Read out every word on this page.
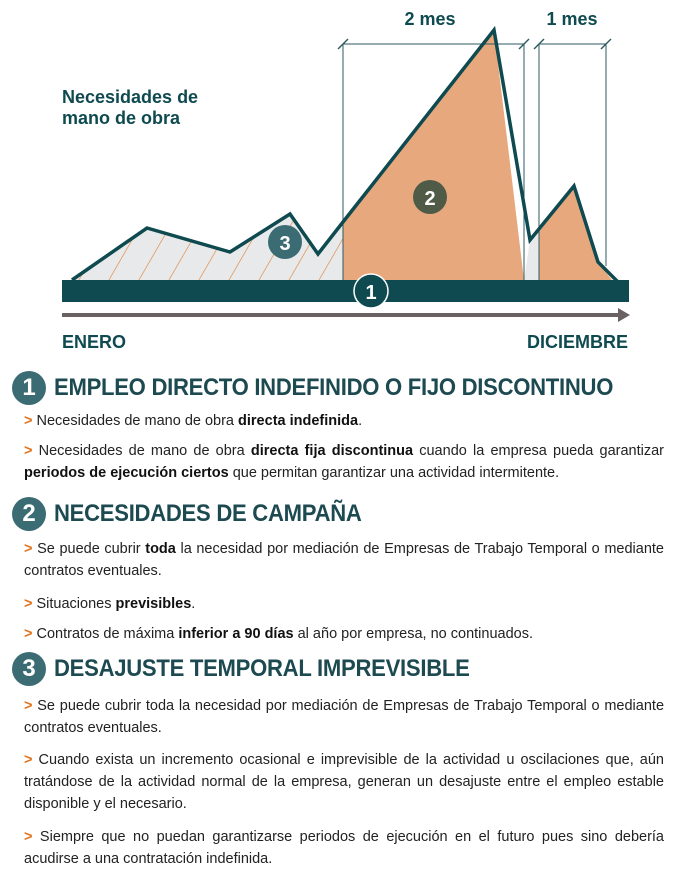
1
2
3
Necesidades de
mano de obra
2 mes	1 mes
ENERO	DICIEMBRE
1 EMPLEO DIRECTO INDEFINIDO O FIJO DISCONTINUO
> Necesidades de mano de obra directa indefinida.
> Necesidades de mano de obra directa fija discontinua cuando la empresa pueda garantizar periodos de ejecución ciertos que permitan garantizar una actividad intermitente.
2 NECESIDADES DE CAMPAÑA
> Se puede cubrir toda la necesidad por mediación de Empresas de Trabajo Temporal o mediante contratos eventuales.
> Situaciones previsibles.
> Contratos de máxima inferior a 90 días al año por empresa, no continuados.
3 DESAJUSTE TEMPORAL IMPREVISIBLE
> Se puede cubrir toda la necesidad por mediación de Empresas de Trabajo Temporal o mediante contratos eventuales.
> Cuando exista un incremento ocasional e imprevisible de la actividad u oscilaciones que, aún tratándose de la actividad normal de la empresa, generan un desajuste entre el empleo estable disponible y el necesario.
> Siempre que no puedan garantizarse periodos de ejecución en el futuro pues sino debería acudirse a una contratación indefinida.
